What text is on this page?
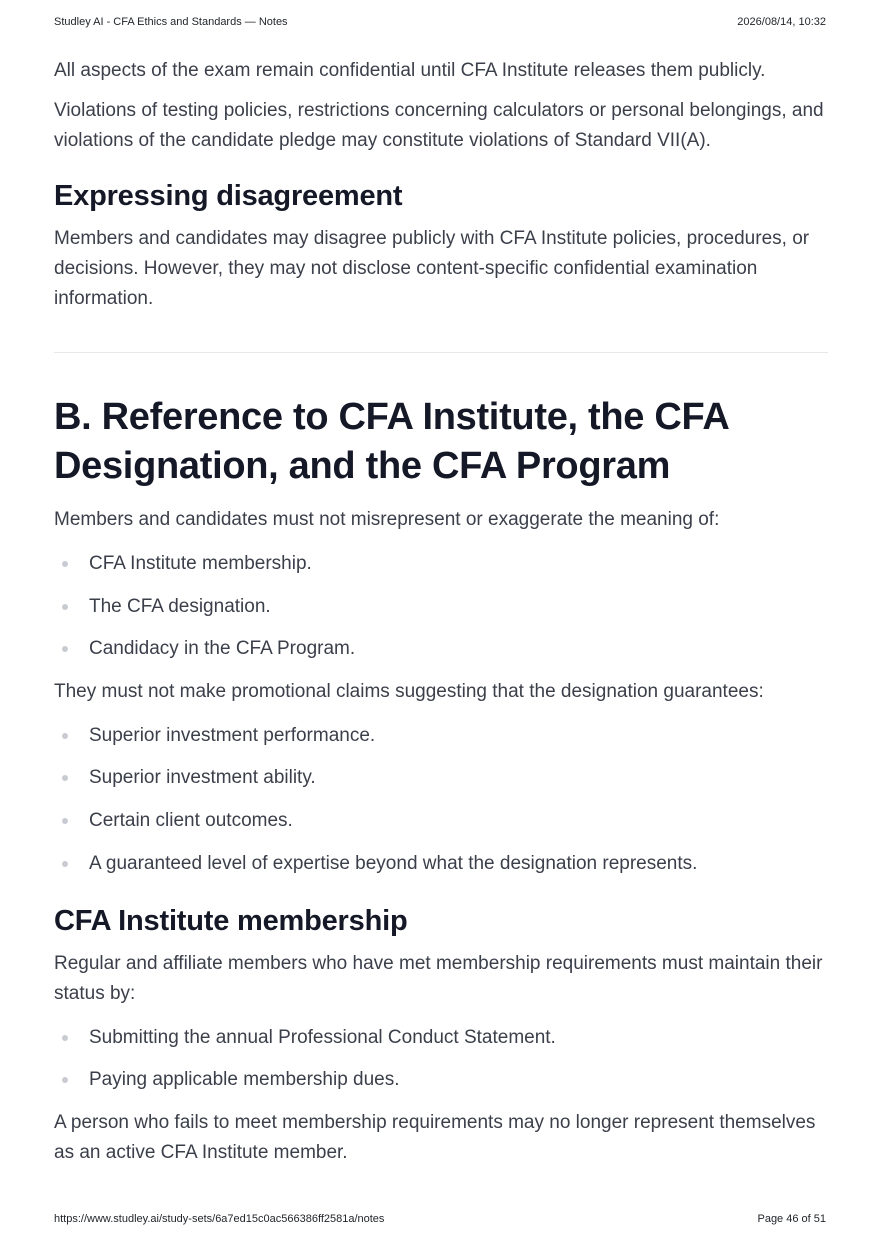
Studley AI - CFA Ethics and Standards — Notes	2026/08/14, 10:32

All aspects of the exam remain confidential until CFA Institute releases them publicly.

Violations of testing policies, restrictions concerning calculators or personal belongings, and violations of the candidate pledge may constitute violations of Standard VII(A).

Expressing disagreement

Members and candidates may disagree publicly with CFA Institute policies, procedures, or decisions. However, they may not disclose content-specific confidential examination information.

B. Reference to CFA Institute, the CFA Designation, and the CFA Program

Members and candidates must not misrepresent or exaggerate the meaning of:

CFA Institute membership.
The CFA designation.
Candidacy in the CFA Program.

They must not make promotional claims suggesting that the designation guarantees:

Superior investment performance.
Superior investment ability.
Certain client outcomes.
A guaranteed level of expertise beyond what the designation represents.
CFA Institute membership

Regular and affiliate members who have met membership requirements must maintain their status by:

Submitting the annual Professional Conduct Statement.
Paying applicable membership dues.

A person who fails to meet membership requirements may no longer represent themselves as an active CFA Institute member.

https://www.studley.ai/study-sets/6a7ed15c0ac566386ff2581a/notes	Page 46 of 51
